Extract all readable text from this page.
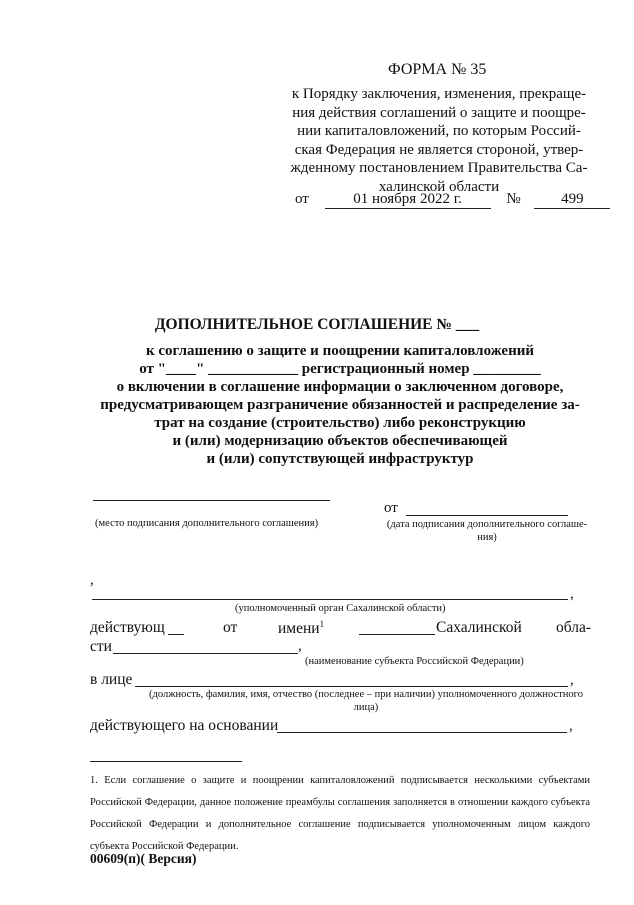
ФОРМА № 35
к Порядку заключения, изменения, прекраще-ния действия соглашений о защите и поощре-нии капиталовложений, по которым Россий-ская Федерация не является стороной, утвер-жденному постановлением Правительства Са-халинской области
от	01 ноября 2022 г.	№	499
ДОПОЛНИТЕЛЬНОЕ СОГЛАШЕНИЕ № ___
к соглашению о защите и поощрении капиталовложений
от "____" ____________ регистрационный номер _________
о включении в соглашение информации о заключенном договоре,
предусматривающем разграничение обязанностей и распределение за-
трат на создание (строительство) либо реконструкцию
и (или) модернизацию объектов обеспечивающей
и (или) сопутствующей инфраструктур
(место подписания дополнительного соглашения)
от
(дата подписания дополнительного соглаше-ния)
,
,
(уполномоченный орган Сахалинской области)
действующ	от	имени$^1$	Сахалинской обла-
сти	,
(наименование субъекта Российской Федерации)
в лице	,
(должность, фамилия, имя, отчество (последнее – при наличии) уполномоченного должностного лица)
действующего на основании	,
1. Если соглашение о защите и поощрении капиталовложений подписывается несколькими субъектами Российской Федерации, данное положение преамбулы соглашения заполняется в отношении каждого субъекта Российской Федерации и дополнительное соглашение подписывается уполномоченным лицом каждого субъекта Российской Федерации.
00609(п)( Версия)
